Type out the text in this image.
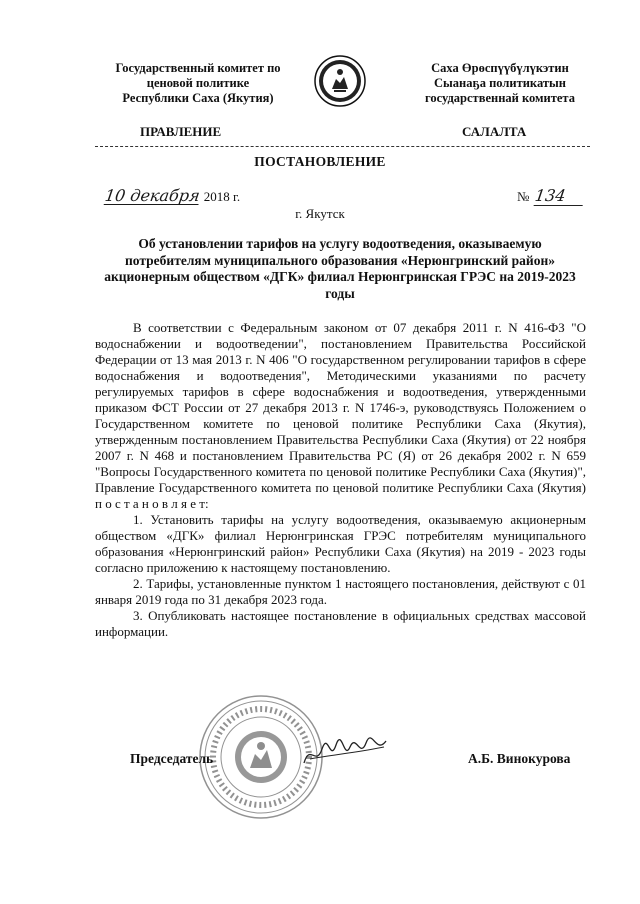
Государственный комитет по
ценовой политике
Республики Саха (Якутия)
Саха Өрөспүүбүлүкэтин
Сыанаҕа политикатын
государственнай комитета
ПРАВЛЕНИЕ	САЛАЛТА
ПОСТАНОВЛЕНИЕ
10 декабря 2018 г.	№ 134
г. Якутск
Об установлении тарифов на услугу водоотведения, оказываемую потребителям муниципального образования «Нерюнгринский район» акционерным обществом «ДГК» филиал Нерюнгринская ГРЭС на 2019-2023 годы

В соответствии с Федеральным законом от 07 декабря 2011 г. N 416-ФЗ "О водоснабжении и водоотведении", постановлением Правительства Российской Федерации от 13 мая 2013 г. N 406 "О государственном регулировании тарифов в сфере водоснабжения и водоотведения", Методическими указаниями по расчету регулируемых тарифов в сфере водоснабжения и водоотведения, утвержденными приказом ФСТ России от 27 декабря 2013 г. N 1746-э, руководствуясь Положением о Государственном комитете по ценовой политике Республики Саха (Якутия), утвержденным постановлением Правительства Республики Саха (Якутия) от 22 ноября 2007 г. N 468 и постановлением Правительства РС (Я) от 26 декабря 2002 г. N 659 "Вопросы Государственного комитета по ценовой политике Республики Саха (Якутия)", Правление Государственного комитета по ценовой политике Республики Саха (Якутия) п о с т а н о в л я е т:

1. Установить тарифы на услугу водоотведения, оказываемую акционерным обществом «ДГК» филиал Нерюнгринская ГРЭС потребителям муниципального образования «Нерюнгринский район» Республики Саха (Якутия) на 2019 - 2023 годы согласно приложению к настоящему постановлению.

2. Тарифы, установленные пунктом 1 настоящего постановления, действуют с 01 января 2019 года по 31 декабря 2023 года.

3. Опубликовать настоящее постановление в официальных средствах массовой информации.

Председатель	А.Б. Винокурова
